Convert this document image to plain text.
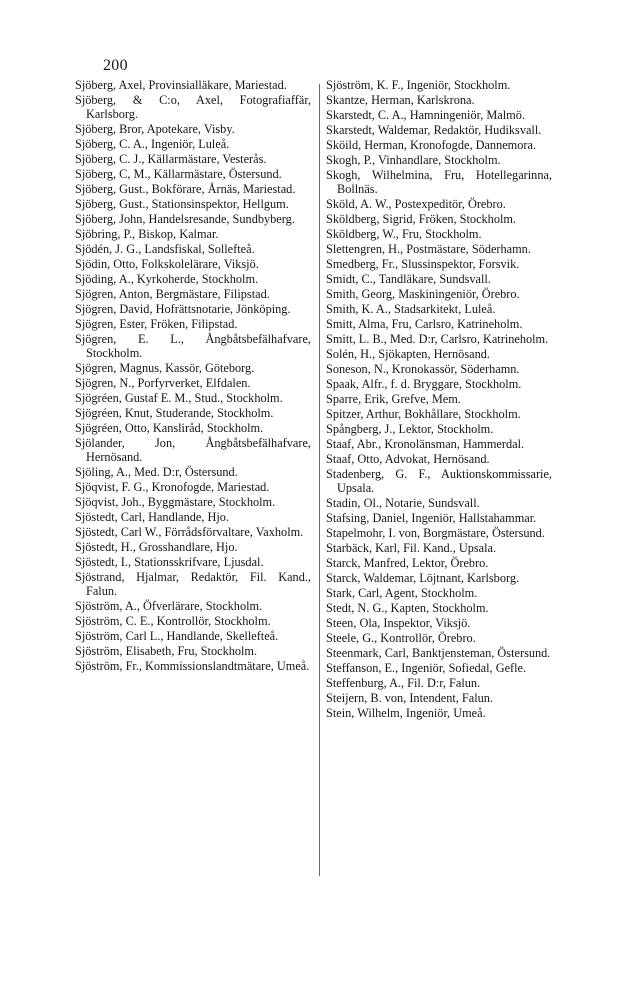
200
Sjöberg, Axel, Provinsialläkare, Mariestad.
Sjöberg, & C:o, Axel, Fotografiaffär, Karlsborg.
Sjöberg, Bror, Apotekare, Visby.
Sjöberg, C. A., Ingeniör, Luleå.
Sjöberg, C. J., Källarmästare, Vesterås.
Sjöberg, C, M., Källarmästare, Östersund.
Sjöberg, Gust., Bokförare, Årnäs, Mariestad.
Sjöberg, Gust., Stationsinspektor, Hellgum.
Sjöberg, John, Handelsresande, Sundbyberg.
Sjöbring, P., Biskop, Kalmar.
Sjödén, J. G., Landsfiskal, Sollefteå.
Sjödin, Otto, Folkskolelärare, Viksjö.
Sjöding, A., Kyrkoherde, Stockholm.
Sjögren, Anton, Bergmästare, Filipstad.
Sjögren, David, Hofrättsnotarie, Jönköping.
Sjögren, Ester, Fröken, Filipstad.
Sjögren, E. L., Ångbåtsbefälhafvare, Stockholm.
Sjögren, Magnus, Kassör, Göteborg.
Sjögren, N., Porfyrverket, Elfdalen.
Sjögréen, Gustaf E. M., Stud., Stockholm.
Sjögréen, Knut, Studerande, Stockholm.
Sjögréen, Otto, Kansliråd, Stockholm.
Sjölander, Jon, Ångbåtsbefälhafvare, Hernösand.
Sjöling, A., Med. D:r, Östersund.
Sjöqvist, F. G., Kronofogde, Mariestad.
Sjöqvist, Joh., Byggmästare, Stockholm.
Sjöstedt, Carl, Handlande, Hjo.
Sjöstedt, Carl W., Förrådsförvaltare, Vaxholm.
Sjöstedt, H., Grosshandlare, Hjo.
Sjöstedt, I., Stationsskrifvare, Ljusdal.
Sjöstrand, Hjalmar, Redaktör, Fil. Kand., Falun.
Sjöström, A., Öfverlärare, Stockholm.
Sjöström, C. E., Kontrollör, Stockholm.
Sjöström, Carl L., Handlande, Skellefteå.
Sjöström, Elisabeth, Fru, Stockholm.
Sjöström, Fr., Kommissionslandtmätare, Umeå.
Sjöström, K. F., Ingeniör, Stockholm.
Skantze, Herman, Karlskrona.
Skarstedt, C. A., Hamningeniör, Malmö.
Skarstedt, Waldemar, Redaktör, Hudiksvall.
Sköild, Herman, Kronofogde, Dannemora.
Skogh, P., Vinhandlare, Stockholm.
Skogh, Wilhelmina, Fru, Hotellegarinna, Bollnäs.
Sköld, A. W., Postexpeditör, Örebro.
Sköldberg, Sigrid, Fröken, Stockholm.
Sköldberg, W., Fru, Stockholm.
Slettengren, H., Postmästare, Söderhamn.
Smedberg, Fr., Slussinspektor, Forsvik.
Smidt, C., Tandläkare, Sundsvall.
Smith, Georg, Maskiningeniör, Örebro.
Smith, K. A., Stadsarkitekt, Luleå.
Smitt, Alma, Fru, Carlsro, Katrineholm.
Smitt, L. B., Med. D:r, Carlsro, Katrineholm.
Solén, H., Sjökapten, Hernösand.
Soneson, N., Kronokassör, Söderhamn.
Spaak, Alfr., f. d. Bryggare, Stockholm.
Sparre, Erik, Grefve, Mem.
Spitzer, Arthur, Bokhållare, Stockholm.
Spångberg, J., Lektor, Stockholm.
Staaf, Abr., Kronolänsman, Hammerdal.
Staaf, Otto, Advokat, Hernösand.
Stadenberg, G. F., Auktionskommissarie, Upsala.
Stadin, Ol., Notarie, Sundsvall.
Stafsing, Daniel, Ingeniör, Hallstahammar.
Stapelmohr, I. von, Borgmästare, Östersund.
Starbäck, Karl, Fil. Kand., Upsala.
Starck, Manfred, Lektor, Örebro.
Starck, Waldemar, Löjtnant, Karlsborg.
Stark, Carl, Agent, Stockholm.
Stedt, N. G., Kapten, Stockholm.
Steen, Ola, Inspektor, Viksjö.
Steele, G., Kontrollör, Örebro.
Steenmark, Carl, Banktjensteman, Östersund.
Steffanson, E., Ingeniör, Sofiedal, Gefle.
Steffenburg, A., Fil. D:r, Falun.
Steijern, B. von, Intendent, Falun.
Stein, Wilhelm, Ingeniör, Umeå.
